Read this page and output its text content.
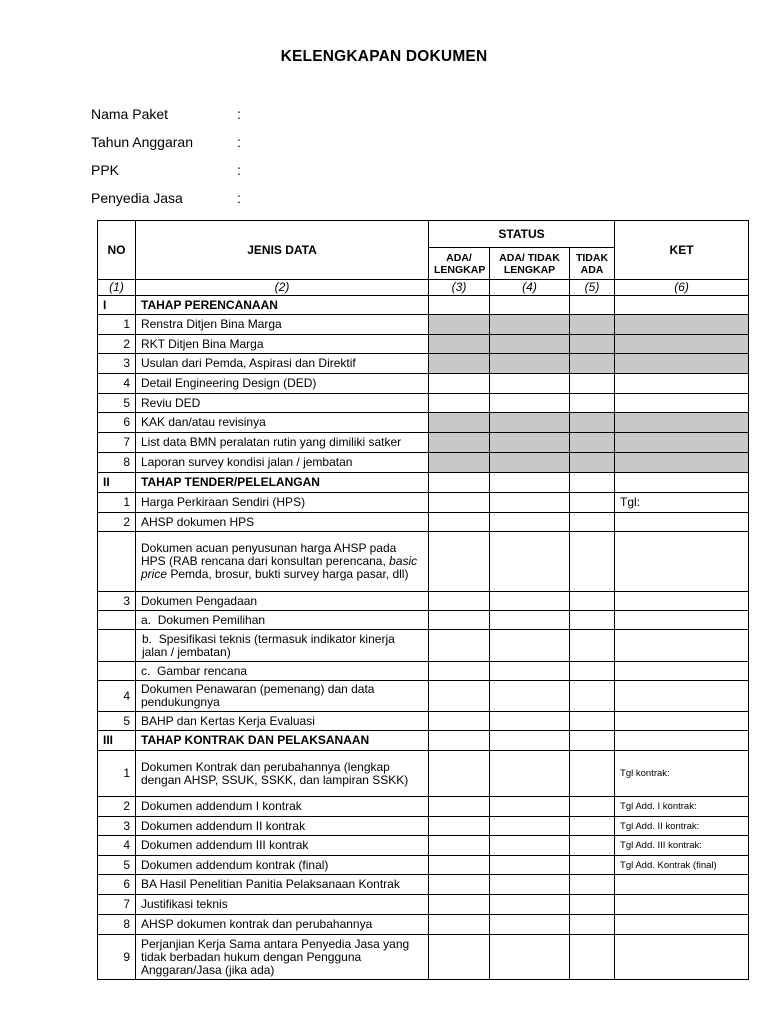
KELENGKAPAN DOKUMEN
Nama Paket	:
Tahun Anggaran	:
PPK	:
Penyedia Jasa	:
NO	JENIS DATA	STATUS			KET
		ADA/ LENGKAP	ADA/ TIDAK LENGKAP	TIDAK ADA	
(1)	(2)	(3)	(4)	(5)	(6)
I	TAHAP PERENCANAAN				
1	Renstra Ditjen Bina Marga				
2	RKT Ditjen Bina Marga				
3	Usulan dari Pemda, Aspirasi dan Direktif				
4	Detail Engineering Design (DED)				
5	Reviu DED				
6	KAK dan/atau revisinya				
7	List data BMN peralatan rutin yang dimiliki satker				
8	Laporan survey kondisi jalan / jembatan				
II	TAHAP TENDER/PELELANGAN				
1	Harga Perkiraan Sendiri (HPS)				Tgl:
2	AHSP dokumen HPS				
	Dokumen acuan penyusunan harga AHSP pada HPS (RAB rencana dari konsultan perencana, basic price Pemda, brosur, bukti survey harga pasar, dll)				
3	Dokumen Pengadaan				
	a. Dokumen Pemilihan				
	b. Spesifikasi teknis (termasuk indikator kinerja jalan / jembatan)				
	c. Gambar rencana				
4	Dokumen Penawaran (pemenang) dan data pendukungnya				
5	BAHP dan Kertas Kerja Evaluasi				
III	TAHAP KONTRAK DAN PELAKSANAAN				
1	Dokumen Kontrak dan perubahannya (lengkap dengan AHSP, SSUK, SSKK, dan lampiran SSKK)				Tgl kontrak:
2	Dokumen addendum I kontrak				Tgl Add. I kontrak:
3	Dokumen addendum II kontrak				Tgl Add. II kontrak:
4	Dokumen addendum III kontrak				Tgl Add. III kontrak:
5	Dokumen addendum kontrak (final)				Tgl Add. Kontrak (final)
6	BA Hasil Penelitian Panitia Pelaksanaan Kontrak				
7	Justifikasi teknis				
8	AHSP dokumen kontrak dan perubahannya				
9	Perjanjian Kerja Sama antara Penyedia Jasa yang tidak berbadan hukum dengan Pengguna Anggaran/Jasa (jika ada)				
